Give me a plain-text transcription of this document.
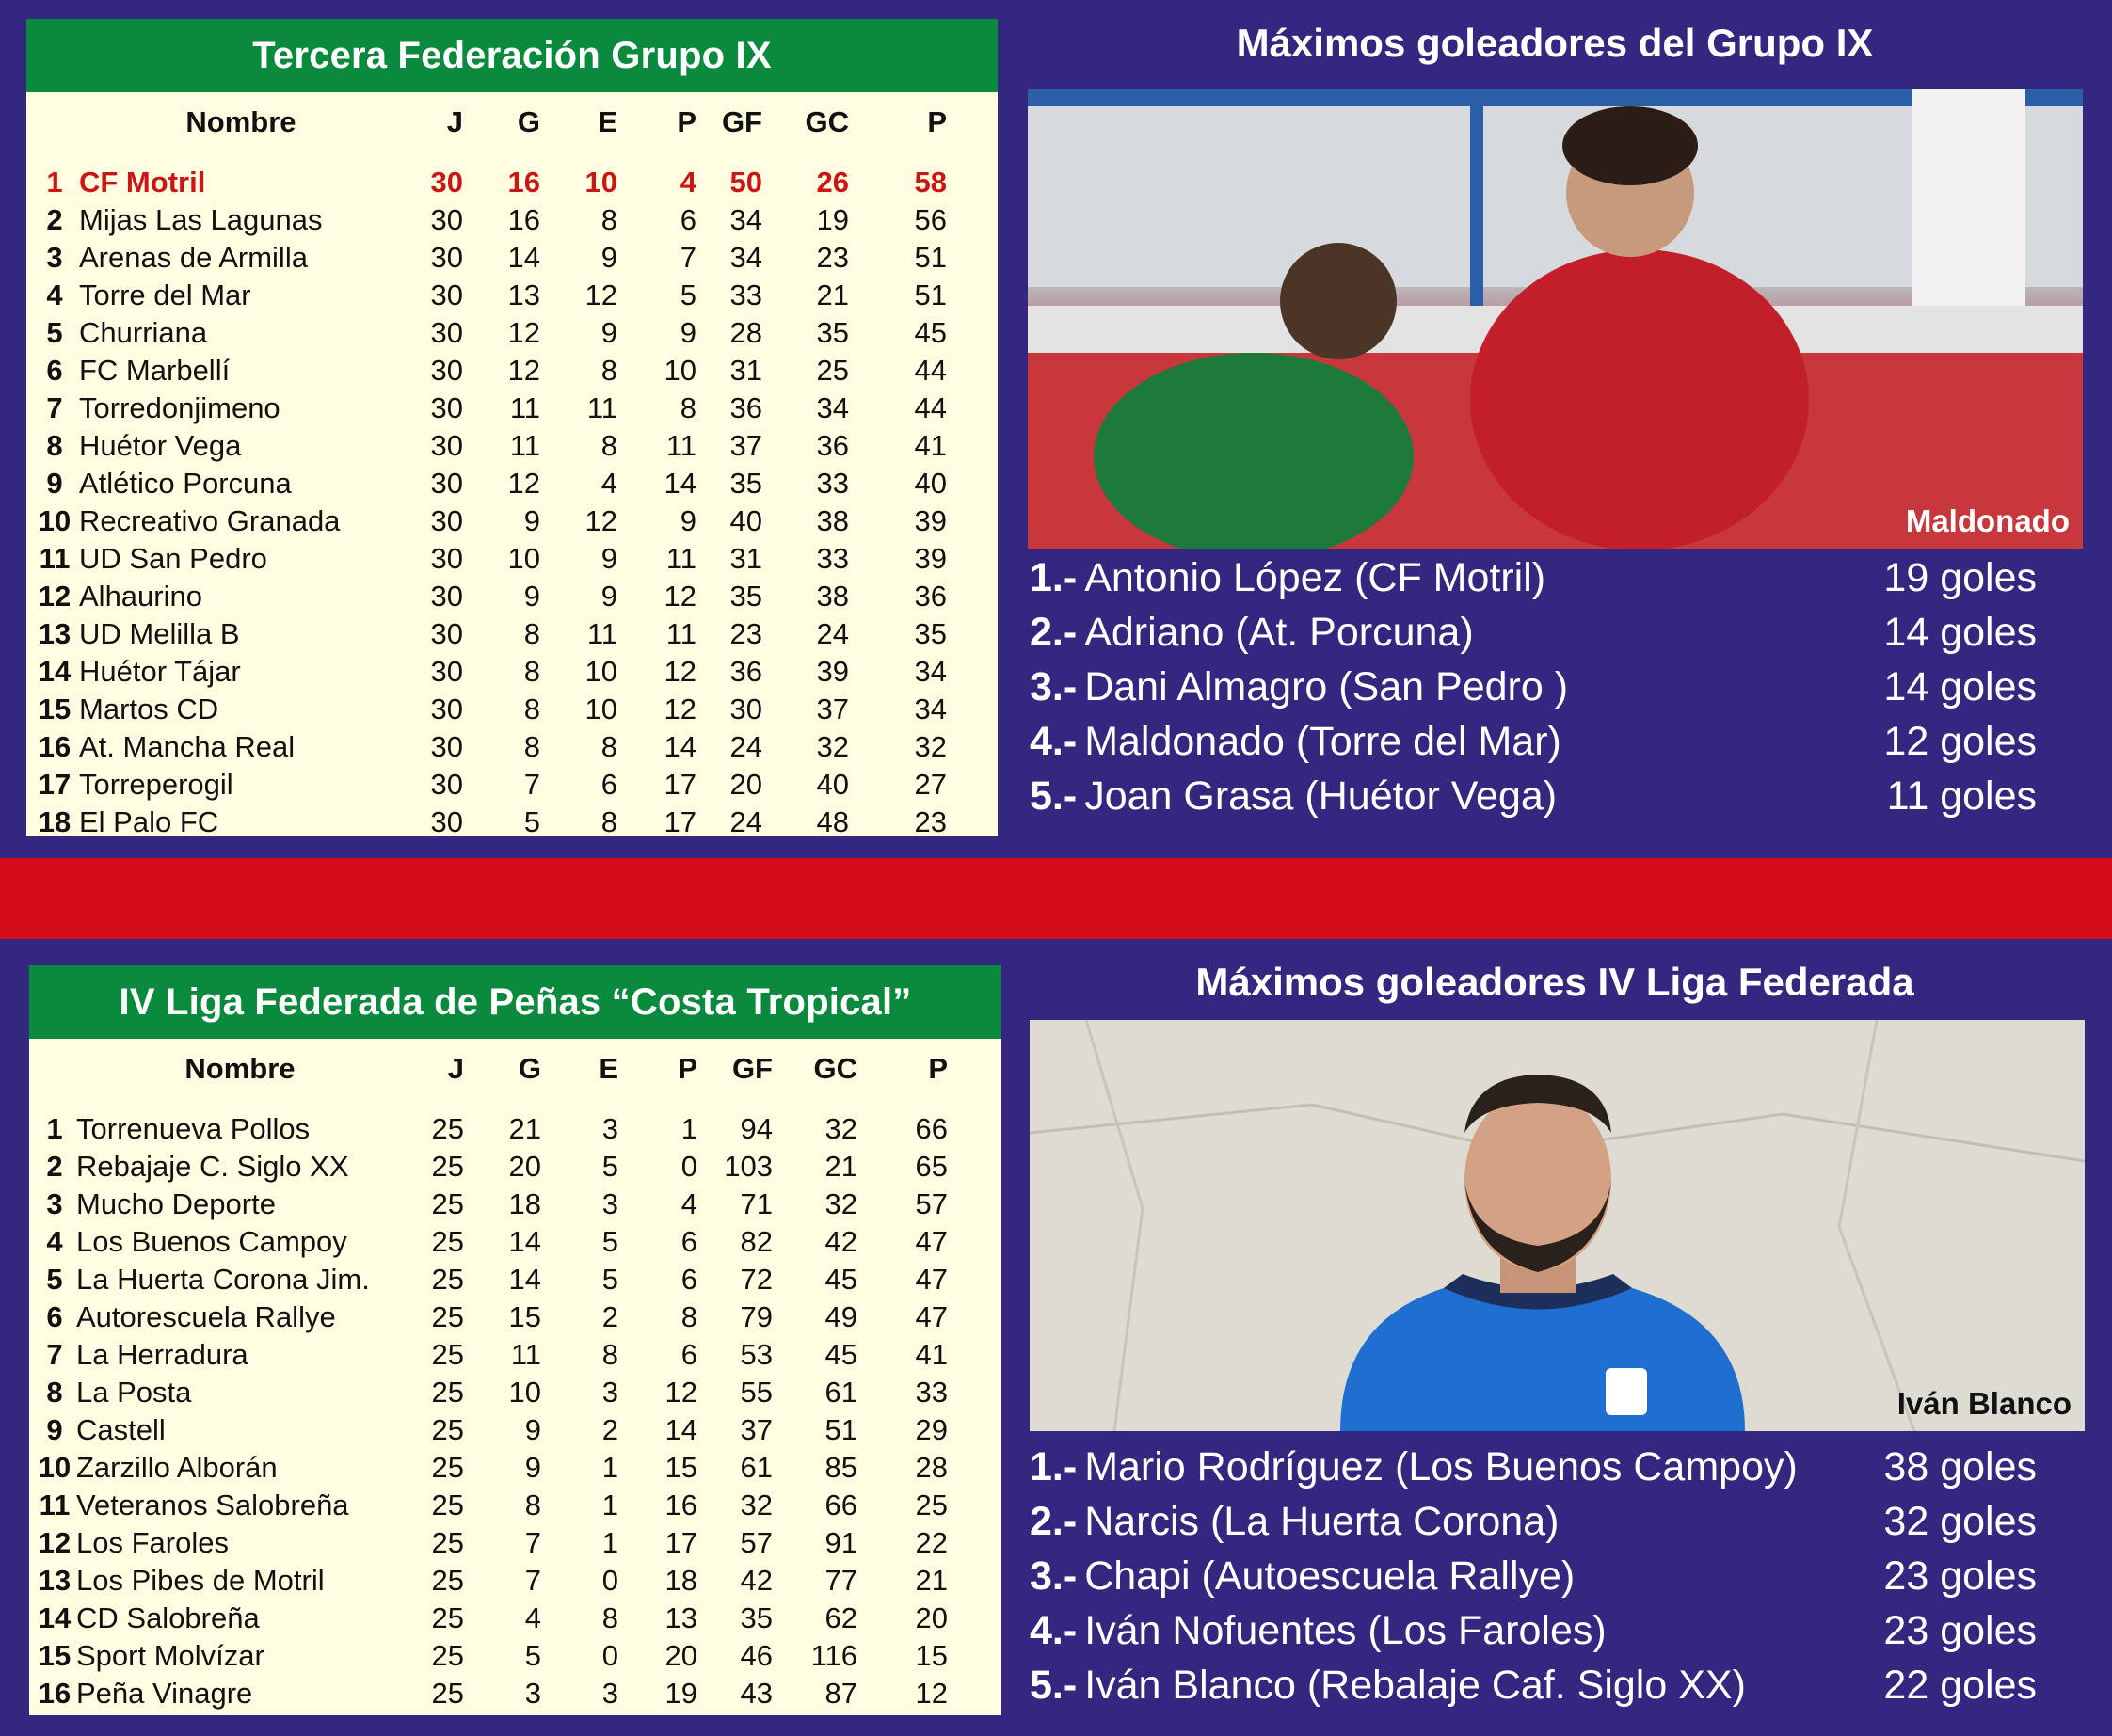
Tercera Federación Grupo IX
	Nombre	J	G	E	P	GF	GC	P	

1	CF Motril	30	16	10	4	50	26	58	
2	Mijas Las Lagunas	30	16	8	6	34	19	56	
3	Arenas de Armilla	30	14	9	7	34	23	51	
4	Torre del Mar	30	13	12	5	33	21	51	
5	Churriana	30	12	9	9	28	35	45	
6	FC Marbellí	30	12	8	10	31	25	44	
7	Torredonjimeno	30	11	11	8	36	34	44	
8	Huétor Vega	30	11	8	11	37	36	41	
9	Atlético Porcuna	30	12	4	14	35	33	40	
10	Recreativo Granada	30	9	12	9	40	38	39	
11	UD San Pedro	30	10	9	11	31	33	39	
12	Alhaurino	30	9	9	12	35	38	36	
13	UD Melilla B	30	8	11	11	23	24	35	
14	Huétor Tájar	30	8	10	12	36	39	34	
15	Martos CD	30	8	10	12	30	37	34	
16	At. Mancha Real	30	8	8	14	24	32	32	
17	Torreperogil	30	7	6	17	20	40	27	
18	El Palo FC	30	5	8	17	24	48	23	
Máximos goleadores del Grupo IX
Maldonado
1.- Antonio López (CF Motril)	19 goles
2.- Adriano (At. Porcuna)	14 goles
3.- Dani Almagro (San Pedro )	14 goles
4.- Maldonado (Torre del Mar)	12 goles
5.- Joan Grasa (Huétor Vega)	11 goles
IV Liga Federada de Peñas “Costa Tropical”
	Nombre	J	G	E	P	GF	GC	P	

1	Torrenueva Pollos	25	21	3	1	94	32	66	
2	Rebajaje C. Siglo XX	25	20	5	0	103	21	65	
3	Mucho Deporte	25	18	3	4	71	32	57	
4	Los Buenos Campoy	25	14	5	6	82	42	47	
5	La Huerta Corona Jim.	25	14	5	6	72	45	47	
6	Autorescuela Rallye	25	15	2	8	79	49	47	
7	La Herradura	25	11	8	6	53	45	41	
8	La Posta	25	10	3	12	55	61	33	
9	Castell	25	9	2	14	37	51	29	
10	Zarzillo Alborán	25	9	1	15	61	85	28	
11	Veteranos Salobreña	25	8	1	16	32	66	25	
12	Los Faroles	25	7	1	17	57	91	22	
13	Los Pibes de Motril	25	7	0	18	42	77	21	
14	CD Salobreña	25	4	8	13	35	62	20	
15	Sport Molvízar	25	5	0	20	46	116	15	
16	Peña Vinagre	25	3	3	19	43	87	12	
Máximos goleadores IV Liga Federada
Iván Blanco
1.- Mario Rodríguez (Los Buenos Campoy) 38 goles
2.- Narcis (La Huerta Corona)	32 goles
3.- Chapi (Autoescuela Rallye)	23 goles
4.- Iván Nofuentes (Los Faroles)	23 goles
5.- Iván Blanco (Rebalaje Caf. Siglo XX)	22 goles
